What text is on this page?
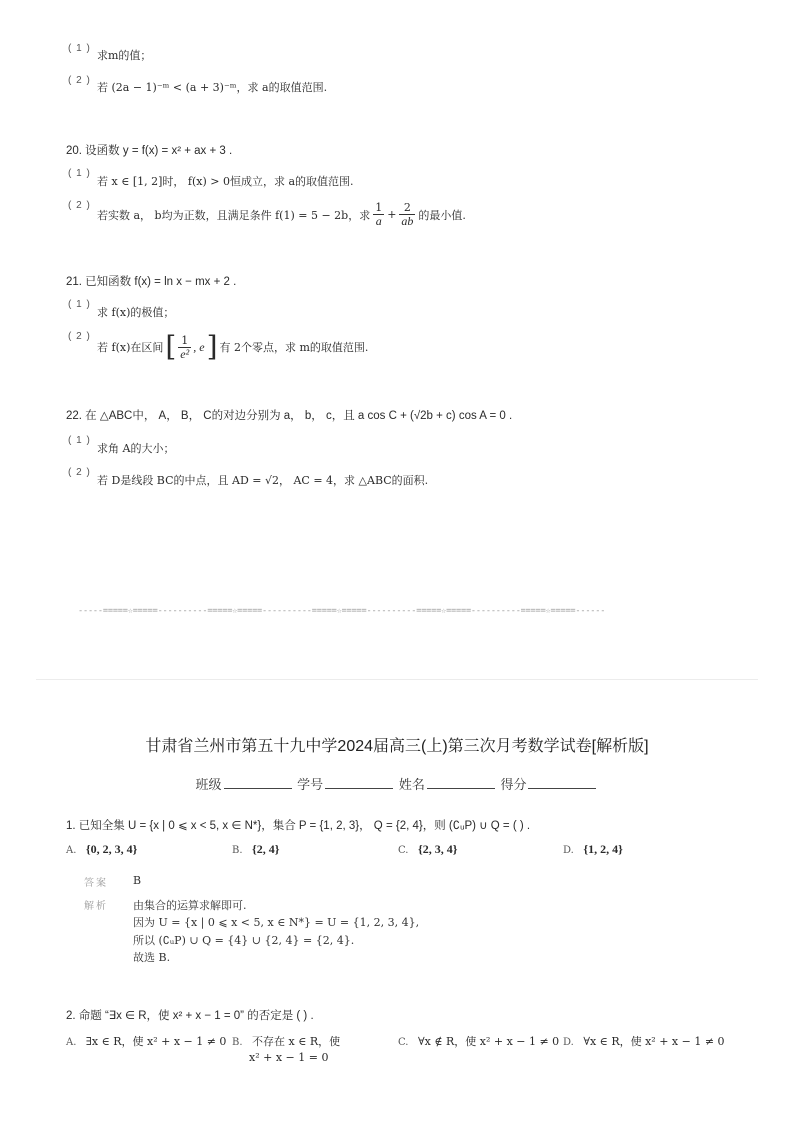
( 1 )
求m的值；
( 2 )
若 (2a − 1)⁻ᵐ < (a + 3)⁻ᵐ，求 a的取值范围.
20. 设函数 y = f(x) = x² + ax + 3 .
( 1 )
若 x ∈ [1, 2]时， f(x) > 0恒成立，求 a的取值范围.
( 2 )
若实数 a， b均为正数，且满足条件 f(1) = 5 − 2b，求 $\frac{1}{a} + \frac{2}{ab}$ 的最小值.
21. 已知函数 f(x) = ln x − mx + 2 .
( 1 )
求 f(x)的极值；
( 2 )
若 f(x)在区间 [ $\frac{1}{\text{e²}}$ , e ] 有 2个零点，求 m的取值范围.
22. 在 △ABC中， A， B， C的对边分别为 a， b， c，且 a cos C + (√2b + c) cos A = 0 .
( 1 )
求角 A的大小；
( 2 )
若 D是线段 BC的中点，且 AD = √2， AC = 4，求 △ABC的面积.
-----=====☆=====----------=====☆=====----------=====☆=====----------=====☆=====----------=====☆=====------
甘肃省兰州市第五十九中学2024届高三(上)第三次月考数学试卷[解析版]
班级	学号	姓名	得分
1. 已知全集 U = {x | 0 ⩽ x < 5, x ∈ N*}，集合 P = {1, 2, 3}， Q = {2, 4}，则 (∁ᵤP) ∪ Q = ( ) .
A. {0, 2, 3, 4}	B. {2, 4}	C. {2, 3, 4}	D. {1, 2, 4}
答案 B
解析 由集合的运算求解即可.
因为 U = {x | 0 ⩽ x < 5, x ∈ N*} = U = {1, 2, 3, 4},
所以 (∁ᵤP) ∪ Q = {4} ∪ {2, 4} = {2, 4}.
故选 B.
2. 命题 “∃x ∈ R，使 x² + x − 1 = 0” 的否定是 ( ) .
A. ∃x ∈ R，使 x² + x − 1 ≠ 0 B. 不存在 x ∈ R，使
x² + x − 1 = 0
C. ∀x ∉ R，使 x² + x − 1 ≠ 0 D. ∀x ∈ R，使 x² + x − 1 ≠ 0
